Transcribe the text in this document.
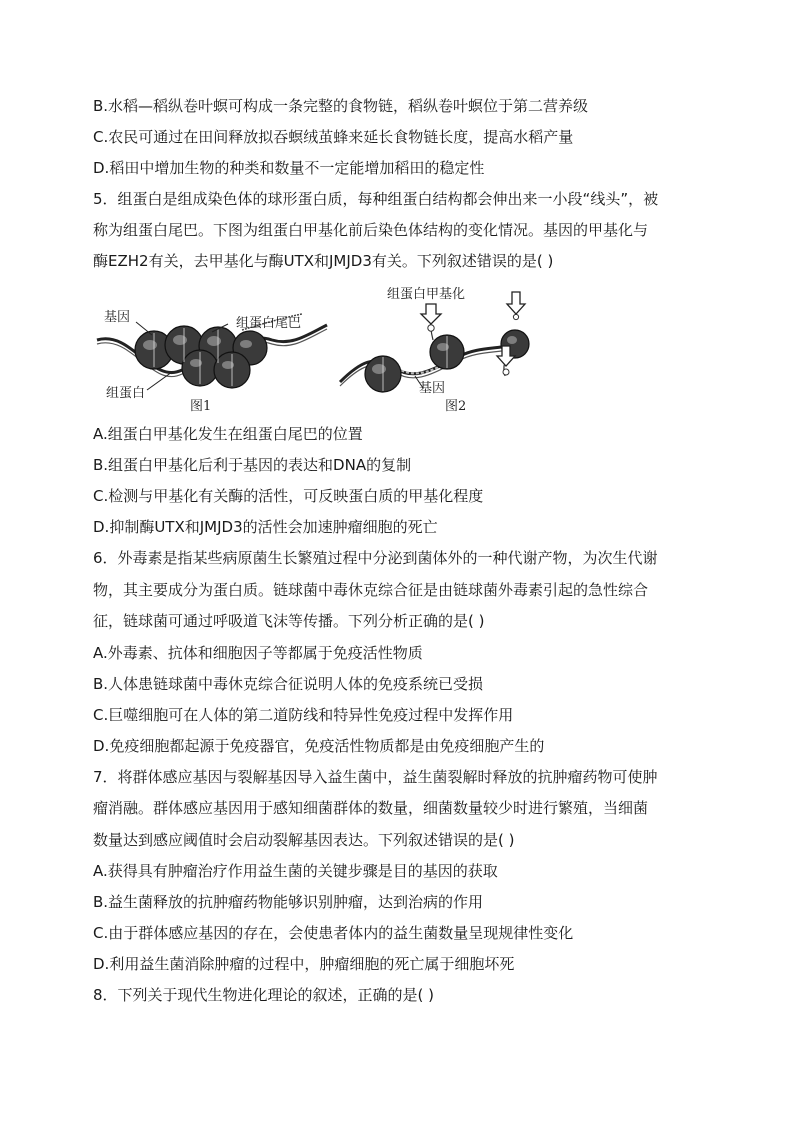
B.水稻—稻纵卷叶螟可构成一条完整的食物链，稻纵卷叶螟位于第二营养级
C.农民可通过在田间释放拟吞螟绒茧蜂来延长食物链长度，提高水稻产量
D.稻田中增加生物的种类和数量不一定能增加稻田的稳定性
5．组蛋白是组成染色体的球形蛋白质，每种组蛋白结构都会伸出来一小段“线头”，被
称为组蛋白尾巴。下图为组蛋白甲基化前后染色体结构的变化情况。基因的甲基化与
酶EZH2有关，去甲基化与酶UTX和JMJD3有关。下列叙述错误的是( )
基因	组蛋白尾巴
组蛋白
图1
组蛋白甲基化
基因
图2
A.组蛋白甲基化发生在组蛋白尾巴的位置
B.组蛋白甲基化后利于基因的表达和DNA的复制
C.检测与甲基化有关酶的活性，可反映蛋白质的甲基化程度
D.抑制酶UTX和JMJD3的活性会加速肿瘤细胞的死亡
6．外毒素是指某些病原菌生长繁殖过程中分泌到菌体外的一种代谢产物，为次生代谢
物，其主要成分为蛋白质。链球菌中毒休克综合征是由链球菌外毒素引起的急性综合
征，链球菌可通过呼吸道飞沫等传播。下列分析正确的是( )
A.外毒素、抗体和细胞因子等都属于免疫活性物质
B.人体患链球菌中毒休克综合征说明人体的免疫系统已受损
C.巨噬细胞可在人体的第二道防线和特异性免疫过程中发挥作用
D.免疫细胞都起源于免疫器官，免疫活性物质都是由免疫细胞产生的
7．将群体感应基因与裂解基因导入益生菌中，益生菌裂解时释放的抗肿瘤药物可使肿
瘤消融。群体感应基因用于感知细菌群体的数量，细菌数量较少时进行繁殖，当细菌
数量达到感应阈值时会启动裂解基因表达。下列叙述错误的是( )
A.获得具有肿瘤治疗作用益生菌的关键步骤是目的基因的获取
B.益生菌释放的抗肿瘤药物能够识别肿瘤，达到治病的作用
C.由于群体感应基因的存在，会使患者体内的益生菌数量呈现规律性变化
D.利用益生菌消除肿瘤的过程中，肿瘤细胞的死亡属于细胞坏死
8．下列关于现代生物进化理论的叙述，正确的是( )
